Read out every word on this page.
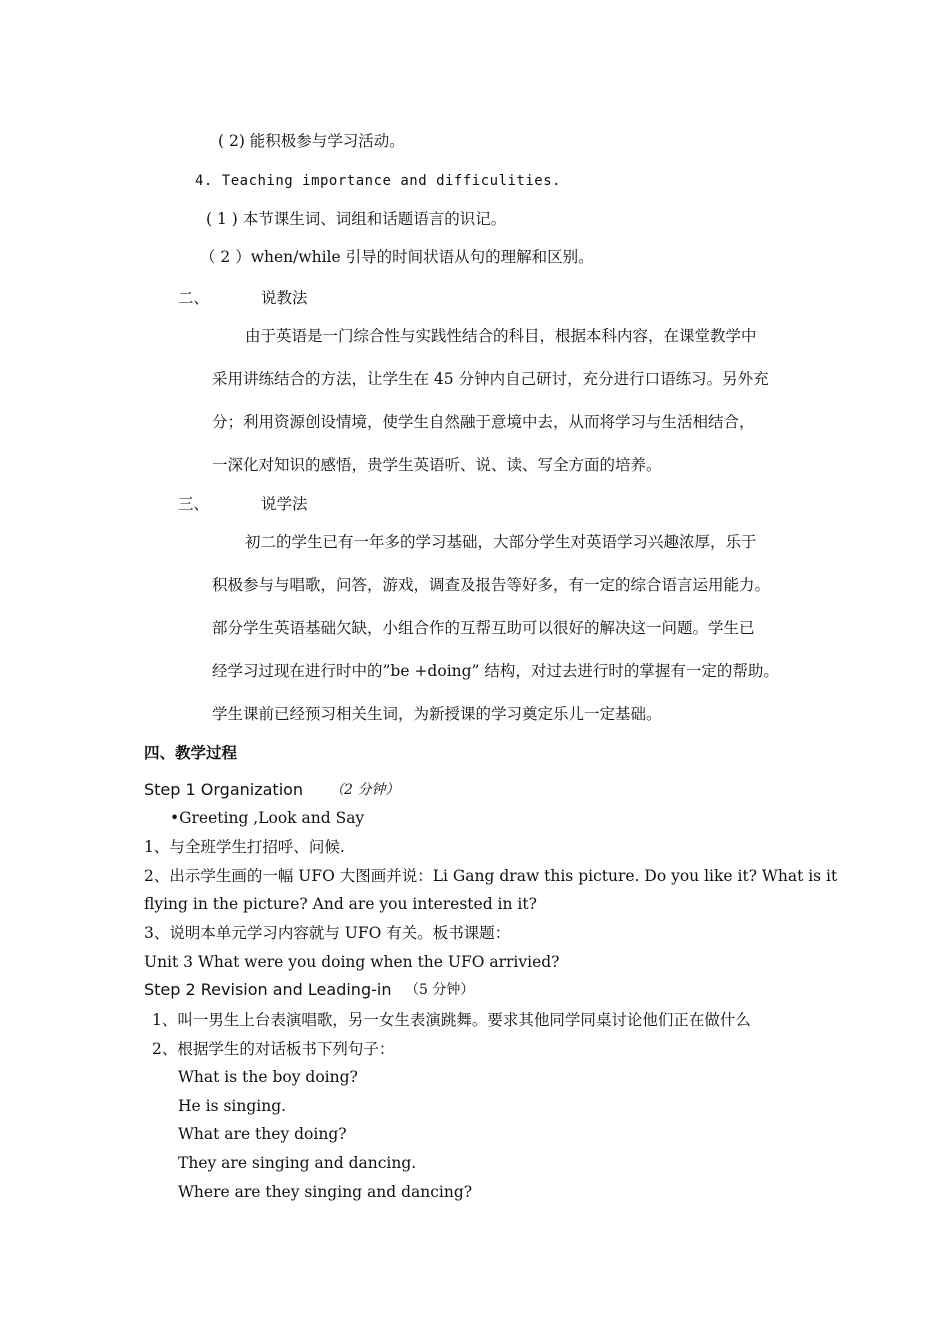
( 2) 能积极参与学习活动。
4. Teaching importance and difficulities.
( 1 ) 本节课生词、词组和话题语言的识记。
（ 2 ）when/while 引导的时间状语从句的理解和区别。
二、	说教法
由于英语是一门综合性与实践性结合的科目，根据本科内容，在课堂教学中
采用讲练结合的方法，让学生在 45 分钟内自己研讨，充分进行口语练习。另外充
分；利用资源创设情境，使学生自然融于意境中去，从而将学习与生活相结合，
一深化对知识的感悟，贵学生英语听、说、读、写全方面的培养。
三、	说学法
初二的学生已有一年多的学习基础，大部分学生对英语学习兴趣浓厚，乐于
积极参与与唱歌，问答，游戏，调查及报告等好多，有一定的综合语言运用能力。
部分学生英语基础欠缺，小组合作的互帮互助可以很好的解决这一问题。学生已
经学习过现在进行时中的”be +doing” 结构，对过去进行时的掌握有一定的帮助。
学生课前已经预习相关生词，为新授课的学习奠定乐儿一定基础。
四、教学过程
Step 1 Organization （2 分钟）
•Greeting ,Look and Say
1、与全班学生打招呼、问候.
2、出示学生画的一幅 UFO 大图画并说：Li Gang draw this picture. Do you like it? What is it
flying in the picture? And are you interested in it?
3、说明本单元学习内容就与 UFO 有关。板书课题：
Unit 3 What were you doing when the UFO arrivied?
Step 2 Revision and Leading-in （5 分钟）
1、叫一男生上台表演唱歌，另一女生表演跳舞。要求其他同学同桌讨论他们正在做什么
2、根据学生的对话板书下列句子：
What is the boy doing?
He is singing.
What are they doing?
They are singing and dancing.
Where are they singing and dancing?
